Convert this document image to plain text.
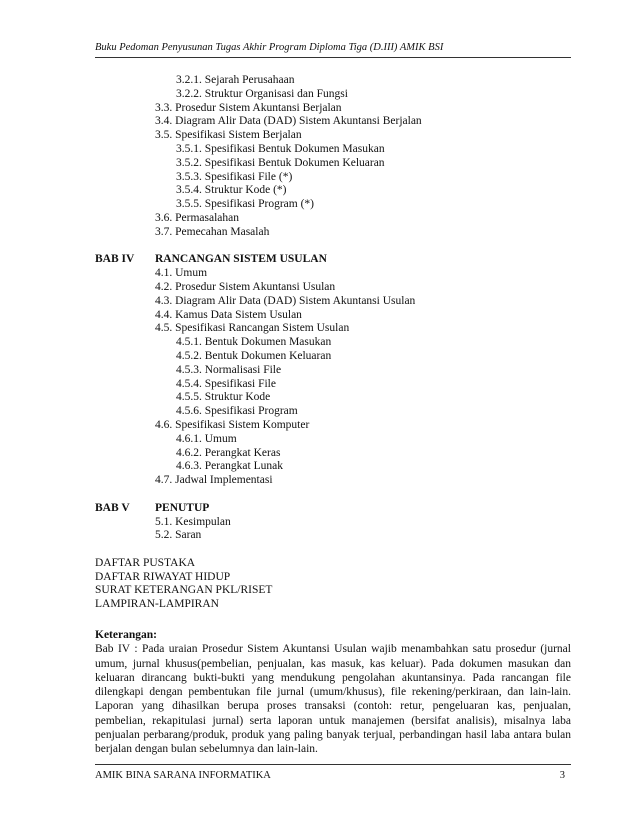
Buku Pedoman Penyusunan Tugas Akhir Program Diploma Tiga (D.III) AMIK BSI
3.2.1. Sejarah Perusahaan
3.2.2. Struktur Organisasi dan Fungsi
3.3. Prosedur Sistem Akuntansi Berjalan
3.4. Diagram Alir Data (DAD) Sistem Akuntansi Berjalan
3.5. Spesifikasi Sistem Berjalan
3.5.1. Spesifikasi Bentuk Dokumen Masukan
3.5.2. Spesifikasi Bentuk Dokumen Keluaran
3.5.3. Spesifikasi File (*)
3.5.4. Struktur Kode (*)
3.5.5. Spesifikasi Program (*)
3.6. Permasalahan
3.7. Pemecahan Masalah
BAB IV RANCANGAN SISTEM USULAN
4.1. Umum
4.2. Prosedur Sistem Akuntansi Usulan
4.3. Diagram Alir Data (DAD) Sistem Akuntansi Usulan
4.4. Kamus Data Sistem Usulan
4.5. Spesifikasi Rancangan Sistem Usulan
4.5.1. Bentuk Dokumen Masukan
4.5.2. Bentuk Dokumen Keluaran
4.5.3. Normalisasi File
4.5.4. Spesifikasi File
4.5.5. Struktur Kode
4.5.6. Spesifikasi Program
4.6. Spesifikasi Sistem Komputer
4.6.1. Umum
4.6.2. Perangkat Keras
4.6.3. Perangkat Lunak
4.7. Jadwal Implementasi
BAB V PENUTUP
5.1. Kesimpulan
5.2. Saran
DAFTAR PUSTAKA
DAFTAR RIWAYAT HIDUP
SURAT KETERANGAN PKL/RISET
LAMPIRAN-LAMPIRAN
Keterangan:

Bab IV : Pada uraian Prosedur Sistem Akuntansi Usulan wajib menambahkan satu prosedur (jurnal umum, jurnal khusus(pembelian, penjualan, kas masuk, kas keluar). Pada dokumen masukan dan keluaran dirancang bukti-bukti yang mendukung pengolahan akuntansinya. Pada rancangan file dilengkapi dengan pembentukan file jurnal (umum/khusus), file rekening/perkiraan, dan lain-lain. Laporan yang dihasilkan berupa proses transaksi (contoh: retur, pengeluaran kas, penjualan, pembelian, rekapitulasi jurnal) serta laporan untuk manajemen (bersifat analisis), misalnya laba penjualan perbarang/produk, produk yang paling banyak terjual, perbandingan hasil laba antara bulan berjalan dengan bulan sebelumnya dan lain-lain.

AMIK BINA SARANA INFORMATIKA	3
